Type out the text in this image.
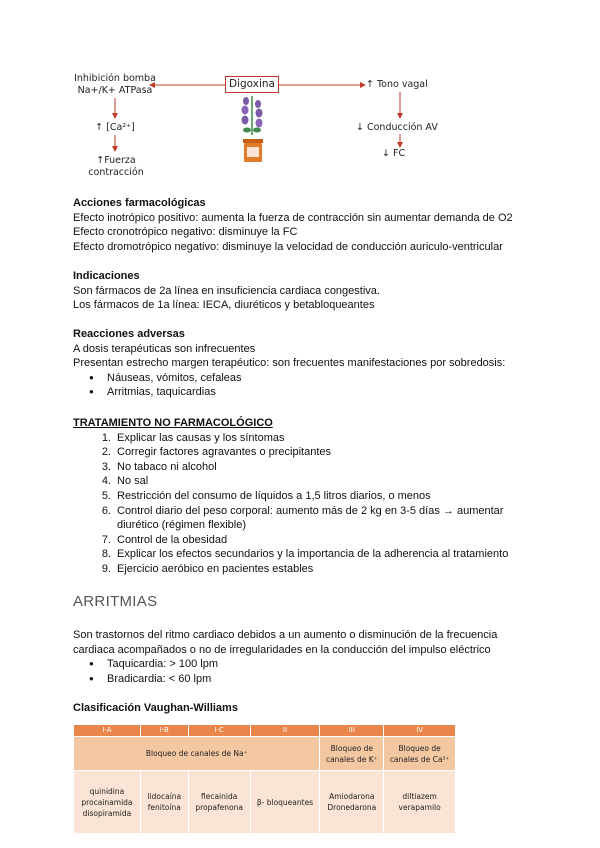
Inhibición bomba Na+/K+ ATPasa
Digoxina	↑ Tono vagal
↑ [Ca²⁺]
↑Fuerza contracción
↓ Conducción AV
↓ FC
Acciones farmacológicas
Efecto inotrópico positivo: aumenta la fuerza de contracción sin aumentar demanda de O2
Efecto cronotrópico negativo: disminuye la FC
Efecto dromotrópico negativo: disminuye la velocidad de conducción auriculo-ventricular
Indicaciones
Son fármacos de 2a línea en insuficiencia cardiaca congestiva.
Los fármacos de 1a línea: IECA, diuréticos y betabloqueantes
Reacciones adversas
A dosis terapéuticas son infrecuentes
Presentan estrecho margen terapéutico: son frecuentes manifestaciones por sobredosis:
● Náuseas, vómitos, cefaleas
● Arritmias, taquicardias
TRATAMIENTO NO FARMACOLÓGICO
1. Explicar las causas y los síntomas
2. Corregir factores agravantes o precipitantes
3. No tabaco ni alcohol
4. No sal
5. Restricción del consumo de líquidos a 1,5 litros diarios, o menos
6. Control diario del peso corporal: aumento más de 2 kg en 3-5 días → aumentar diurético (régimen flexible)
7. Control de la obesidad
8. Explicar los efectos secundarios y la importancia de la adherencia al tratamiento
9. Ejercicio aeróbico en pacientes estables
ARRITMIAS
Son trastornos del ritmo cardiaco debidos a un aumento o disminución de la frecuencia
cardiaca acompañados o no de irregularidades en la conducción del impulso eléctrico
● Taquicardia: > 100 lpm
● Bradicardia: < 60 lpm
Clasificación Vaughan-Williams
I-A	I-B	I-C	II	III	IV
Bloqueo de canales de Na⁺				Bloqueo de canales de K⁺	Bloqueo de canales de Ca²⁺
quinidina procainamida disopiramida	lidocaína fenitoína	flecainida propafenona	β- bloqueantes	Amiodarona Dronedarona	diltiazem verapamilo
